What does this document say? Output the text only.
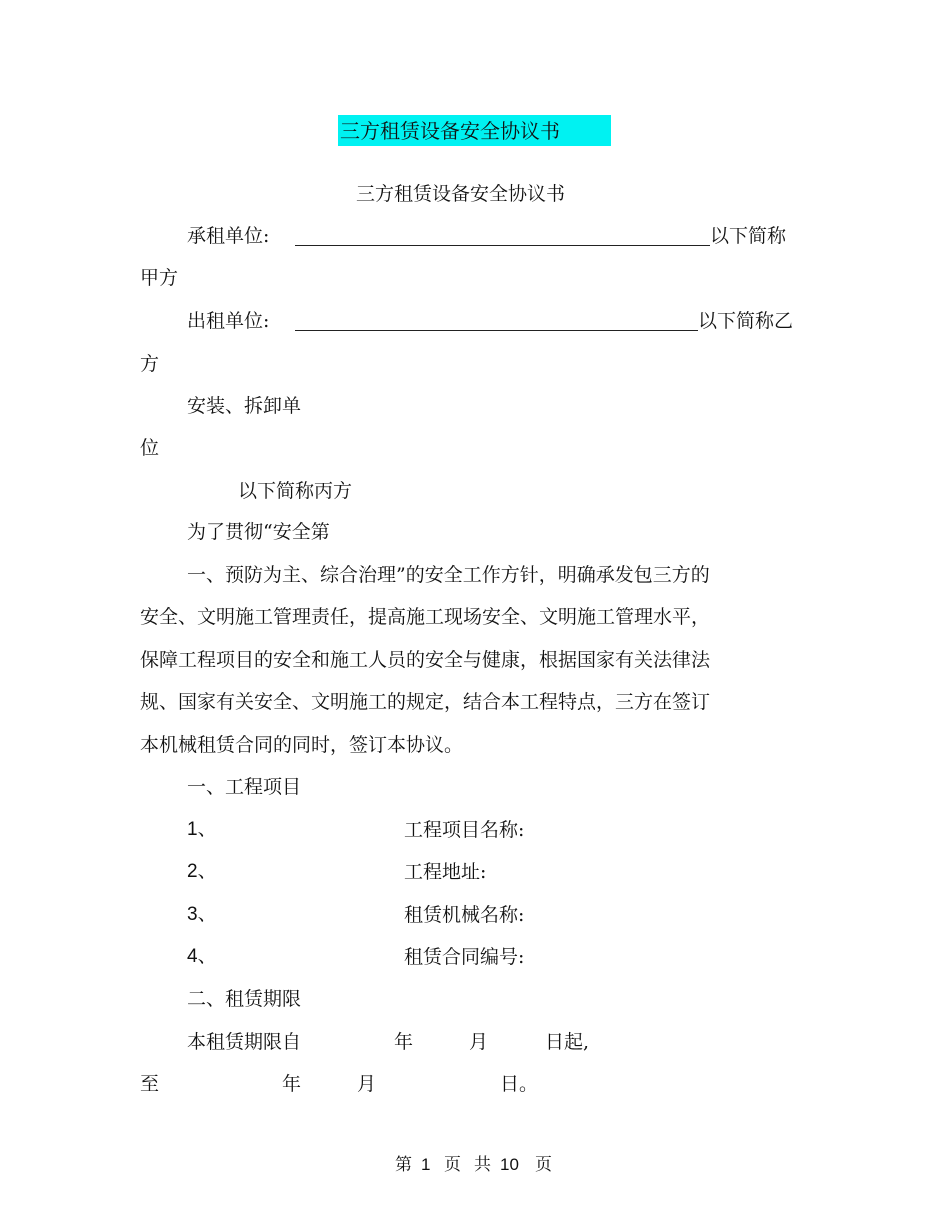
三方租赁设备安全协议书
三方租赁设备安全协议书
承租单位:	以下简称
甲方
出租单位:	以下简称乙
方
安装、拆卸单
位
以下简称丙方
为了贯彻“安全第
一、预防为主、综合治理”的安全工作方针，明确承发包三方的
安全、文明施工管理责任，提高施工现场安全、文明施工管理水平，
保障工程项目的安全和施工人员的安全与健康，根据国家有关法律法
规、国家有关安全、文明施工的规定，结合本工程特点，三方在签订
本机械租赁合同的同时，签订本协议。
一、工程项目
1、	工程项目名称:
2、	工程地址:
3、	租赁机械名称:
4、	租赁合同编号:
二、租赁期限
本租赁期限自	年	月	日起,
至	年	月	日。
第 1 页 共 10 页
